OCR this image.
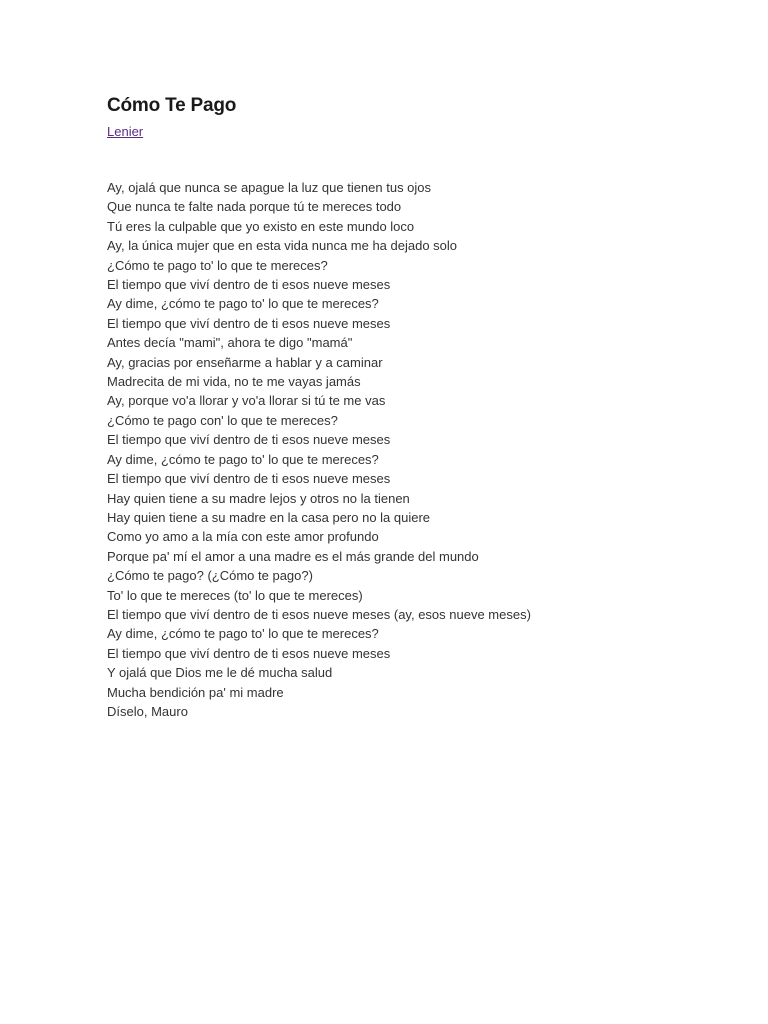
Cómo Te Pago
Lenier
Ay, ojalá que nunca se apague la luz que tienen tus ojos
Que nunca te falte nada porque tú te mereces todo
Tú eres la culpable que yo existo en este mundo loco
Ay, la única mujer que en esta vida nunca me ha dejado solo
¿Cómo te pago to' lo que te mereces?
El tiempo que viví dentro de ti esos nueve meses
Ay dime, ¿cómo te pago to' lo que te mereces?
El tiempo que viví dentro de ti esos nueve meses
Antes decía "mami", ahora te digo "mamá"
Ay, gracias por enseñarme a hablar y a caminar
Madrecita de mi vida, no te me vayas jamás
Ay, porque vo'a llorar y vo'a llorar si tú te me vas
¿Cómo te pago con' lo que te mereces?
El tiempo que viví dentro de ti esos nueve meses
Ay dime, ¿cómo te pago to' lo que te mereces?
El tiempo que viví dentro de ti esos nueve meses
Hay quien tiene a su madre lejos y otros no la tienen
Hay quien tiene a su madre en la casa pero no la quiere
Como yo amo a la mía con este amor profundo
Porque pa' mí el amor a una madre es el más grande del mundo
¿Cómo te pago? (¿Cómo te pago?)
To' lo que te mereces (to' lo que te mereces)
El tiempo que viví dentro de ti esos nueve meses (ay, esos nueve meses)
Ay dime, ¿cómo te pago to' lo que te mereces?
El tiempo que viví dentro de ti esos nueve meses
Y ojalá que Dios me le dé mucha salud
Mucha bendición pa' mi madre
Díselo, Mauro
